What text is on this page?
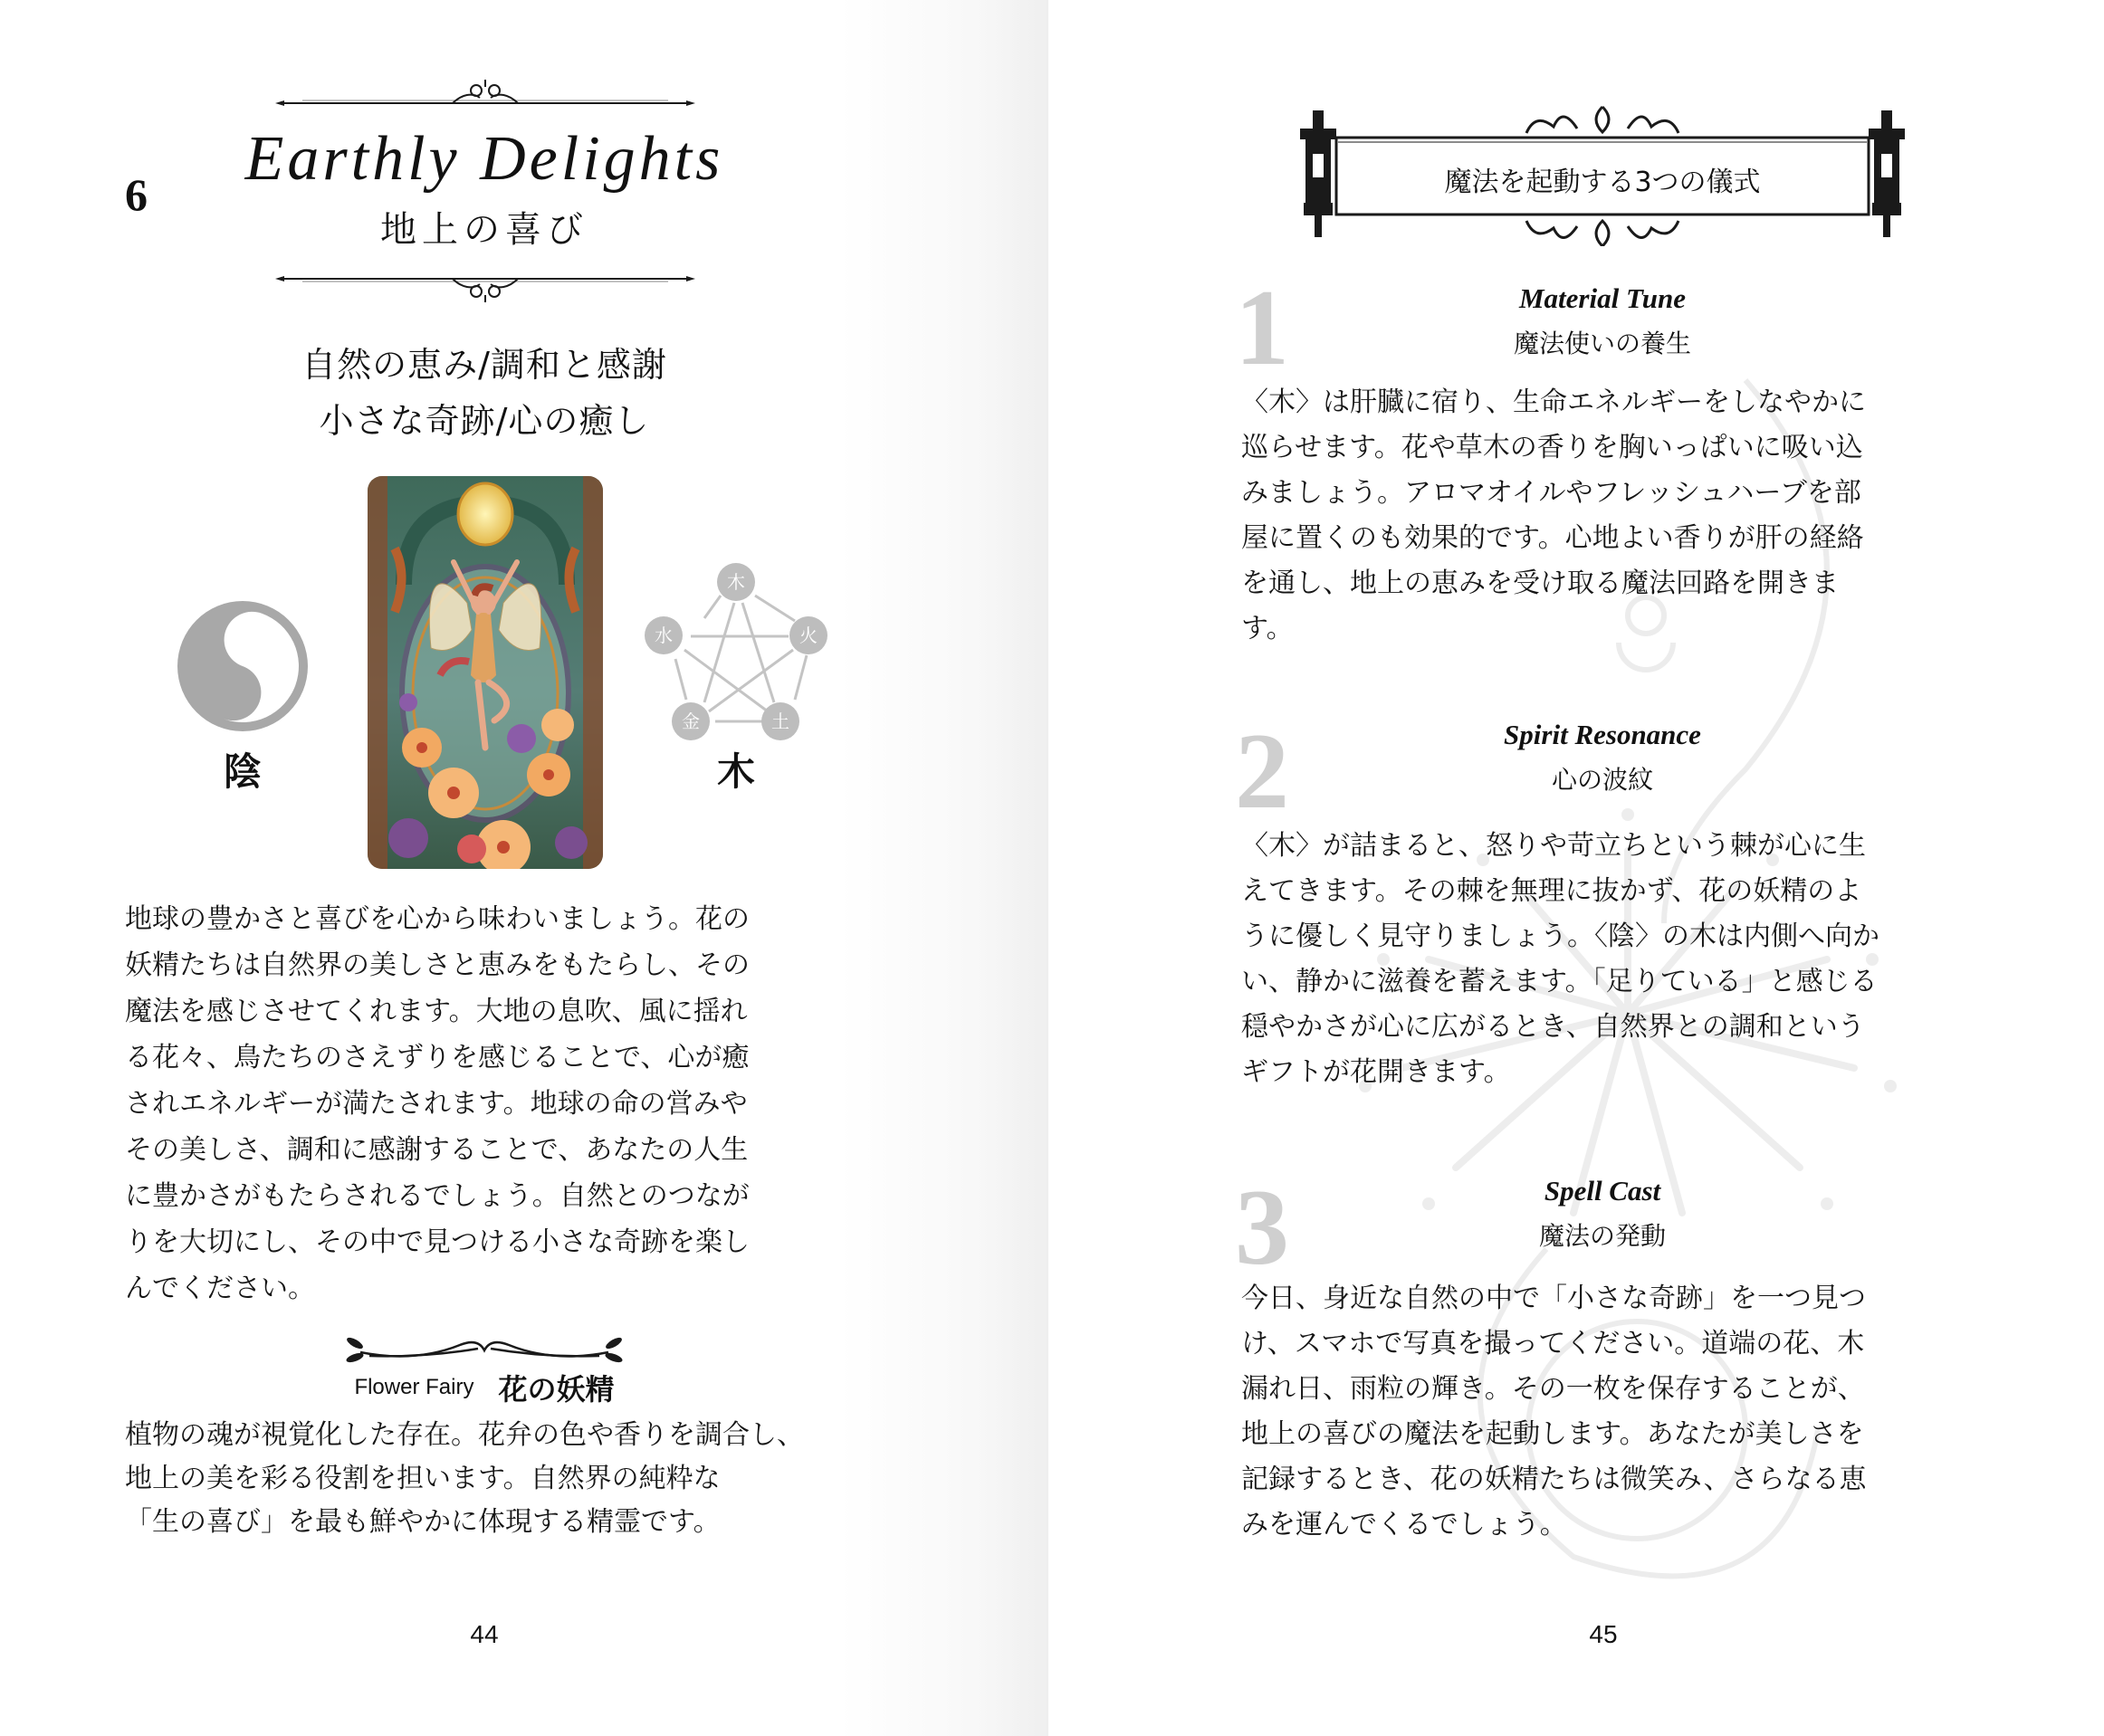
6
Earthly Delights
地上の喜び
自然の恵み/調和と感謝
小さな奇跡/心の癒し
陰
木
火
土
金
水
木
地球の豊かさと喜びを心から味わいましょう。花の
妖精たちは自然界の美しさと恵みをもたらし、その
魔法を感じさせてくれます。大地の息吹、風に揺れ
る花々、鳥たちのさえずりを感じることで、心が癒
されエネルギーが満たされます。地球の命の営みや
その美しさ、調和に感謝することで、あなたの人生
に豊かさがもたらされるでしょう。自然とのつなが
りを大切にし、その中で見つける小さな奇跡を楽し
んでください。
Flower Fairy 花の妖精
植物の魂が視覚化した存在。花弁の色や香りを調合し、
地上の美を彩る役割を担います。自然界の純粋な
「生の喜び」を最も鮮やかに体現する精霊です。
44
魔法を起動する3つの儀式
1	Material Tune
魔法使いの養生
〈木〉は肝臓に宿り、生命エネルギーをしなやかに
巡らせます。花や草木の香りを胸いっぱいに吸い込
みましょう。アロマオイルやフレッシュハーブを部
屋に置くのも効果的です。心地よい香りが肝の経絡
を通し、地上の恵みを受け取る魔法回路を開きま
す。
2	Spirit Resonance
心の波紋
〈木〉が詰まると、怒りや苛立ちという棘が心に生
えてきます。その棘を無理に抜かず、花の妖精のよ
うに優しく見守りましょう。〈陰〉の木は内側へ向か
い、静かに滋養を蓄えます。「足りている」と感じる
穏やかさが心に広がるとき、自然界との調和という
ギフトが花開きます。
3	Spell Cast
魔法の発動
今日、身近な自然の中で「小さな奇跡」を一つ見つ
け、スマホで写真を撮ってください。道端の花、木
漏れ日、雨粒の輝き。その一枚を保存することが、
地上の喜びの魔法を起動します。あなたが美しさを
記録するとき、花の妖精たちは微笑み、さらなる恵
みを運んでくるでしょう。
45
